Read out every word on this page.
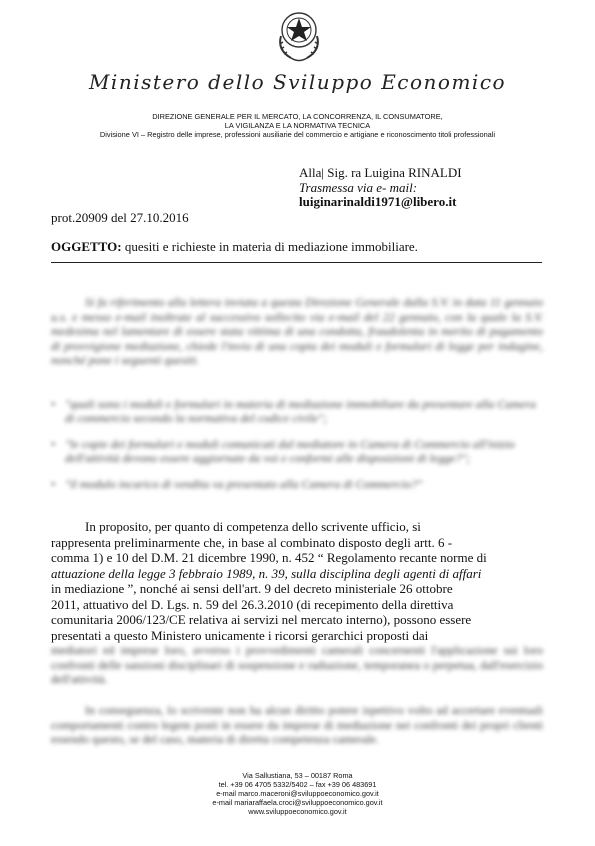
Ministero dello Sviluppo Economico
DIREZIONE GENERALE PER IL MERCATO, LA CONCORRENZA, IL CONSUMATORE,
LA VIGILANZA E LA NORMATIVA TECNICA
Divisione VI – Registro delle imprese, professioni ausiliarie del commercio e artigiane e riconoscimento titoli professionali
Alla| Sig. ra Luigina RINALDI
Trasmessa via e- mail:
luiginarinaldi1971@libero.it
prot.20909 del 27.10.2016
OGGETTO: quesiti e richieste in materia di mediazione immobiliare.
Si fa riferimento alla lettera inviata a questa Direzione Generale dalla S.V. in data 11 gennaio u.s. e messo e-mail inoltrate al successivo sollecito via e-mail del 22 gennaio, con la quale la S.V. medesima nel lamentare di essere stata vittima di una condotta, fraudolenta in merito di pagamento di provvigione mediazione, chiede l'invio di una copia dei moduli e formulari di legge per indagine, nonché pone i seguenti quesiti.
• "quali sono i moduli e formulari in materia di mediazione immobiliare da presentare alla Camera di commercio secondo la normativa del codice civile";
• "le copie dei formulari e moduli comunicati dal mediatore in Camera di Commercio all'inizio dell'attività devono essere aggiornate da voi e conformi alle disposizioni di legge?";
• "il modulo incarico di vendita va presentato alla Camera di Commercio?"
In proposito, per quanto di competenza dello scrivente ufficio, si
rappresenta preliminarmente che, in base al combinato disposto degli artt. 6 -
comma 1) e 10 del D.M. 21 dicembre 1990, n. 452 “ Regolamento recante norme di
attuazione della legge 3 febbraio 1989, n. 39, sulla disciplina degli agenti di affari
in mediazione ”, nonché ai sensi dell'art. 9 del decreto ministeriale 26 ottobre
2011, attuativo del D. Lgs. n. 59 del 26.3.2010 (di recepimento della direttiva
comunitaria 2006/123/CE relativa ai servizi nel mercato interno), possono essere
presentati a questo Ministero unicamente i ricorsi gerarchici proposti dai
mediatori ed imprese loro, avverso i provvedimenti camerali concernenti l'applicazione sui loro confronti delle sanzioni disciplinari di sospensione e radiazione, temporanea o perpetua, dall'esercizio dell'attività.
In conseguenza, lo scrivente non ha alcun diritto potere ispettivo volto ad accertare eventuali comportamenti contro legem posti in essere da imprese di mediazione nei confronti dei propri clienti essendo questo, se del caso, materia di diretta competenza camerale.
Via Sallustiana, 53 – 00187 Roma
tel. +39 06 4705 5332/5402 – fax +39 06 483691
e-mail marco.maceroni@sviluppoeconomico.gov.it
e-mail mariaraffaela.croci@sviluppoeconomico.gov.it
www.sviluppoeconomico.gov.it
